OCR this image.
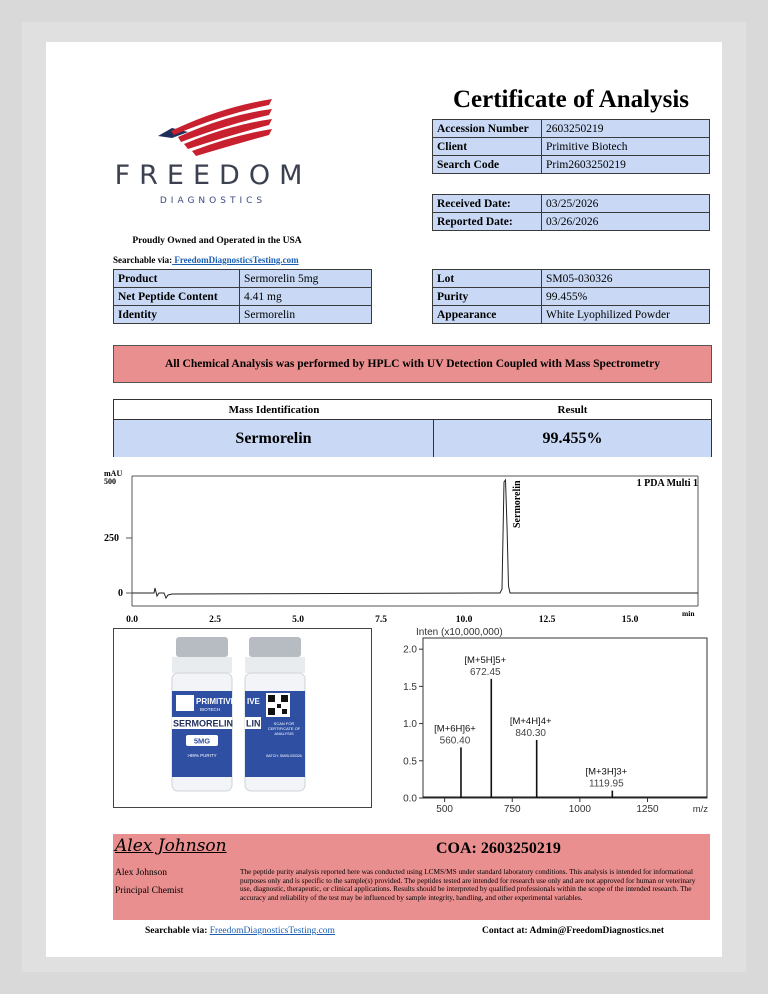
FREEDOM
DIAGNOSTICS
Proudly Owned and Operated in the USA
Searchable via: FreedomDiagnosticsTesting.com
Certificate of Analysis
Accession Number	2603250219
Client	Primitive Biotech
Search Code	Prim2603250219
Received Date:	03/25/2026
Reported Date:	03/26/2026
Product	Sermorelin 5mg
Net Peptide Content	4.41 mg
Identity	Sermorelin
Lot	SM05-030326
Purity	99.455%
Appearance	White Lyophilized Powder
All Chemical Analysis was performed by HPLC with UV Detection Coupled with Mass Spectrometry
Mass Identification	Result
Sermorelin	99.455%
mAU
500
250
0
Sermorelin	1 PDA Multi 1
0.0	2.5	5.0	7.5	10.0	12.5	15.0
min
PRIMITIVE
BIOTECH
SERMORELIN
5MG
>99% PURITY
IVE
LIN	SCAN FOR CERTIFICATE OF ANALYSIS
BATCH: SM05-030326
Inten (x10,000,000)
0.0
0.5
1.0
1.5
2.0
500	750	1000	1250
560.40
[M+6H]6+
672.45
[M+5H]5+
840.30
[M+4H]4+
1119.95
[M+3H]3+
m/z
Alex Johnson
Alex Johnson
Principal Chemist
COA: 2603250219
The peptide purity analysis reported here was conducted using LCMS/MS under standard laboratory conditions. This analysis is intended for informational purposes only and is specific to the sample(s) provided. The peptides tested are intended for research use only and are not approved for human or veterinary use, diagnostic, therapeutic, or clinical applications. Results should be interpreted by qualified professionals within the scope of the intended research. The accuracy and reliability of the test may be influenced by sample integrity, handling, and other experimental variables.
Searchable via: FreedomDiagnosticsTesting.com	Contact at: Admin@FreedomDiagnostics.net
